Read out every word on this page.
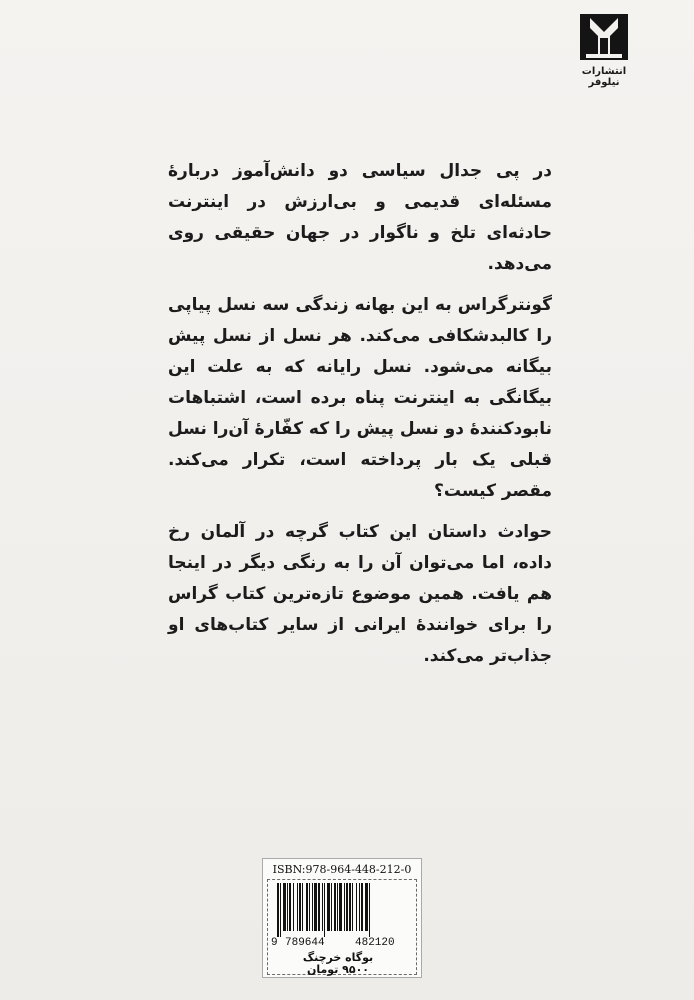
انتشارات نیلوفر

در پی جدال سیاسی دو دانش‌آموز دربارهٔ مسئله‌ای قدیمی و بی‌ارزش در اینترنت حادثه‌ای تلخ و ناگوار در جهان حقیقی روی می‌دهد.

گونترگراس به این بهانه زندگی سه نسل پیاپی را کالبدشکافی می‌کند. هر نسل از نسل پیش بیگانه می‌شود. نسل رایانه که به علت این بیگانگی به اینترنت پناه برده است، اشتباهات نابودکنندهٔ دو نسل پیش را که کفّارهٔ آن‌را نسل قبلی یک بار پرداخته است، تکرار می‌کند. مقصر کیست؟

حوادث داستان این کتاب گرچه در آلمان رخ داده، اما می‌توان آن را به رنگی دیگر در اینجا هم یافت. همین موضوع تازه‌ترین کتاب گراس را برای خوانندهٔ ایرانی از سایر کتاب‌های او جذاب‌تر می‌کند.

ISBN:978-964-448-212-0
9 789644	482120
بوگاه خرچنگ
۹۵۰۰ تومان
